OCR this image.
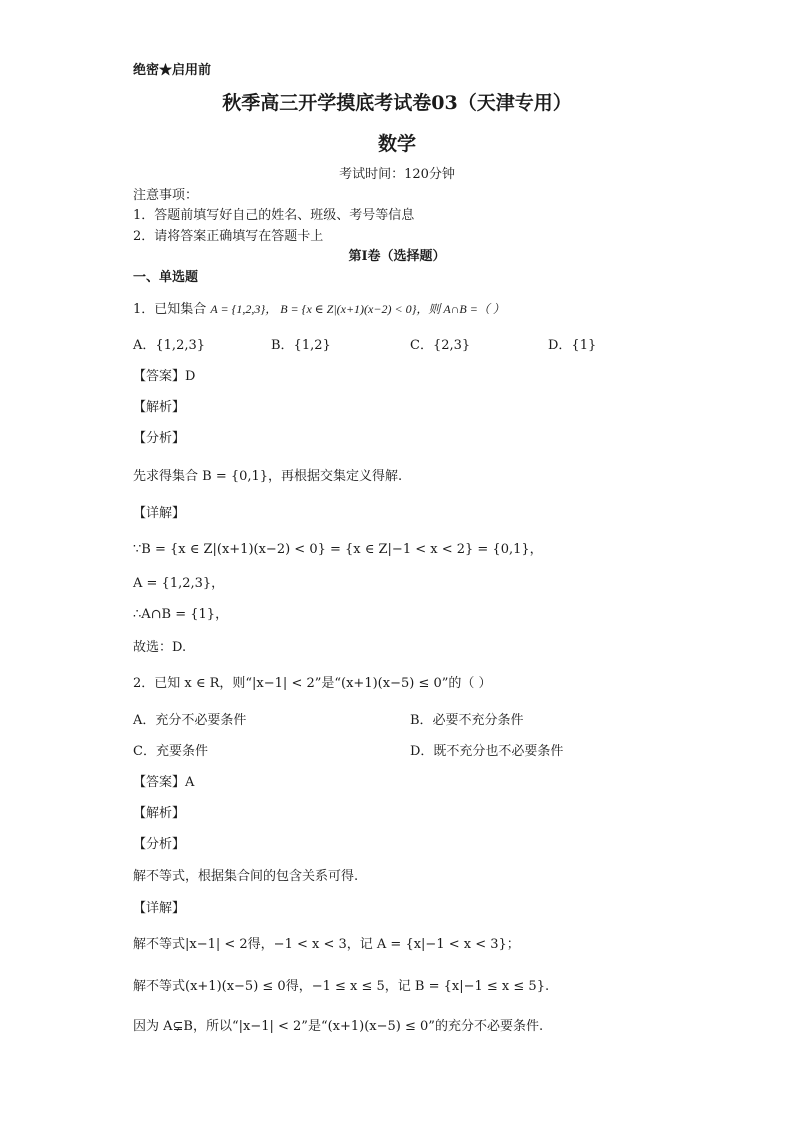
绝密★启用前
秋季高三开学摸底考试卷03（天津专用）
数学
考试时间：120分钟
注意事项：
1．答题前填写好自己的姓名、班级、考号等信息
2．请将答案正确填写在答题卡上
第I卷（选择题）
一、单选题
1．已知集合 A = {1,2,3}， B = {x ∈ Z|(x+1)(x−2) < 0}，则 A∩B =（ ）
A．{1,2,3}	B．{1,2}	C．{2,3}	D．{1}
【答案】D
【解析】
【分析】
先求得集合 B = {0,1}，再根据交集定义得解.
【详解】
∵B = {x ∈ Z|(x+1)(x−2) < 0} = {x ∈ Z|−1 < x < 2} = {0,1}，
A = {1,2,3}，
∴A∩B = {1}，
故选：D.
2．已知 x ∈ R，则“|x−1| < 2”是“(x+1)(x−5) ≤ 0”的（ ）
A．充分不必要条件	B．必要不充分条件
C．充要条件	D．既不充分也不必要条件
【答案】A
【解析】
【分析】
解不等式，根据集合间的包含关系可得.
【详解】
解不等式|x−1| < 2得，−1 < x < 3，记 A = {x|−1 < x < 3}；
解不等式(x+1)(x−5) ≤ 0得，−1 ≤ x ≤ 5，记 B = {x|−1 ≤ x ≤ 5}.
因为 A⊊B，所以“|x−1| < 2”是“(x+1)(x−5) ≤ 0”的充分不必要条件.
